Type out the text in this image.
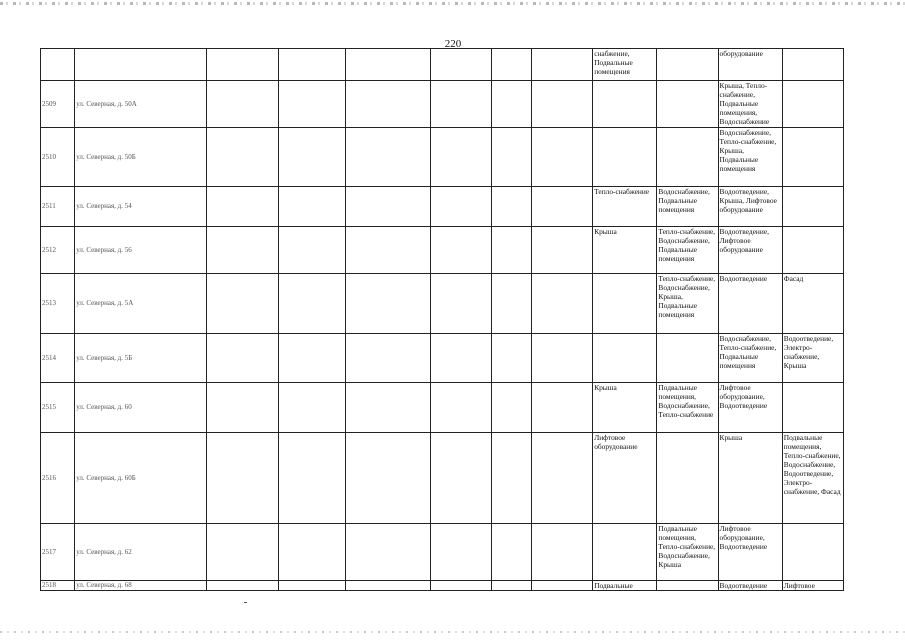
220
								снабжение, Подвальные помещения		оборудование	
2509	ул. Северная, д. 50А									Крыша, Тепло-снабжение, Подвальные помещения, Водоснабжение	
2510	ул. Северная, д. 50Б									Водоснабжение, Тепло-снабжение, Крыша, Подвальные помещения	
2511	ул. Северная, д. 54							Тепло-снабжение	Водоснабжение, Подвальные помещения	Водоотведение, Крыша, Лифтовое оборудование	
2512	ул. Северная, д. 56							Крыша	Тепло-снабжение, Водоснабжение, Подвальные помещения	Водоотведение, Лифтовое оборудование	
2513	ул. Северная, д. 5А								Тепло-снабжение, Водоснабжение, Крыша, Подвальные помещения	Водоотведение	Фасад
2514	ул. Северная, д. 5Б									Водоснабжение, Тепло-снабжение, Подвальные помещения	Водоотведение, Электро-снабжение, Крыша
2515	ул. Северная, д. 60							Крыша	Подвальные помещения, Водоснабжение, Тепло-снабжение	Лифтовое оборудование, Водоотведение	
2516	ул. Северная, д. 60Б							Лифтовое оборудование		Крыша	Подвальные помещения, Тепло-снабжение, Водоснабжение, Водоотведение, Электро-снабжение, Фасад
2517	ул. Северная, д. 62								Подвальные помещения, Тепло-снабжение, Водоснабжение, Крыша	Лифтовое оборудование, Водоотведение	
2518	ул. Северная, д. 68							Подвальные		Водоотведение	Лифтовое
